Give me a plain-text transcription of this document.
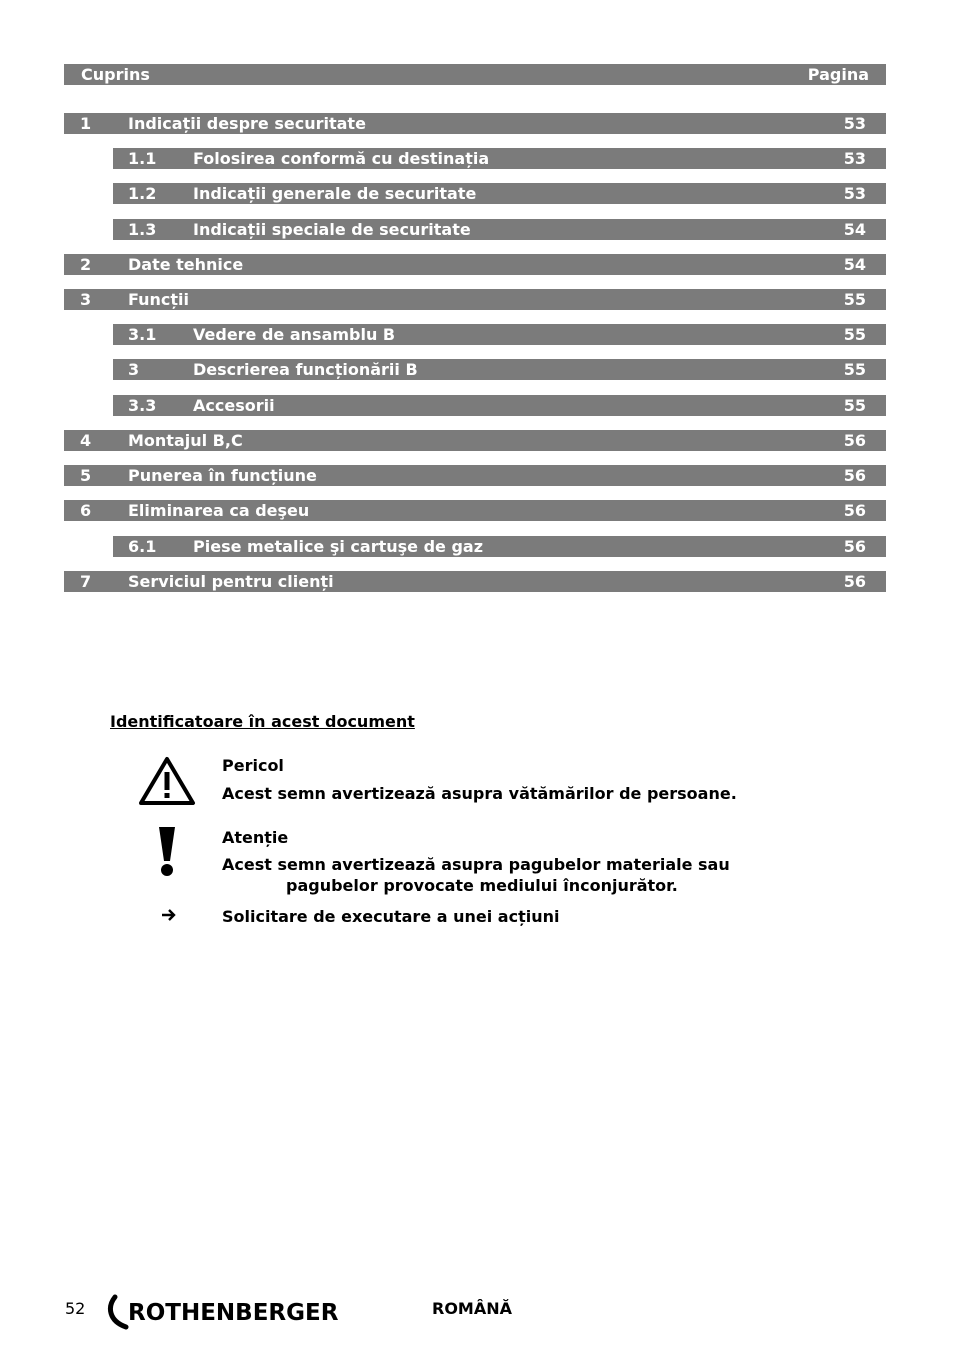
Cuprins	Pagina
1 Indicații despre securitate	53
1.1 Folosirea conformă cu destinația	53
1.2 Indicații generale de securitate	53
1.3 Indicații speciale de securitate	54
2 Date tehnice	54
3 Funcții	55
3.1 Vedere de ansamblu B	55
3	Descrierea funcționării B	55
3.3 Accesorii	55
4 Montajul B,C	56
5 Punerea în funcțiune	56
6 Eliminarea ca deşeu	56
6.1 Piese metalice şi cartuşe de gaz	56
7 Serviciul pentru clienți	56
Identificatoare în acest document
Pericol
Acest semn avertizează asupra vătămărilor de persoane.
Atenție
Acest semn avertizează asupra pagubelor materiale sau
pagubelor provocate mediului înconjurător.
Solicitare de executare a unei acțiuni
52 ROTHENBERGER	ROMÂNĂ
